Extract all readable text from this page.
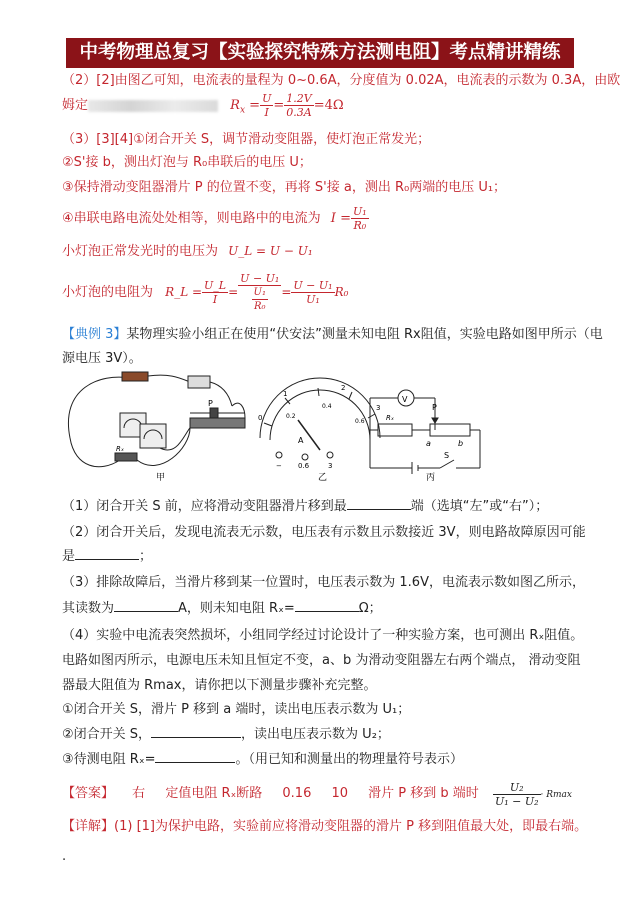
中考物理总复习【实验探究特殊方法测电阻】考点精讲精练
（2）[2]由图乙可知，电流表的量程为 0~0.6A，分度值为 0.02A，电流表的示数为 0.3A，由欧
姆定	$R_x = \frac{U}{I} = \frac{1.2V}{0.3A} =4\Omega$
（3）[3][4]①闭合开关 S，调节滑动变阻器，使灯泡正常发光；
②S'接 b，测出灯泡与 R₀串联后的电压 U；
③保持滑动变阻器滑片 P 的位置不变，再将 S'接 a，测出 R₀两端的电压 U₁；
④串联电路电流处处相等，则电路中的电流为 $I = \frac{\text{U₁}}{\text{R₀}}$
小灯泡正常发光时的电压为 U_L = U − U₁
小灯泡的电阻为 R_L = $\frac{U\_L}{I} = \frac{\text{U − U₁}}{\frac{\text{U₁}}{\text{R₀}}} = \frac{\text{U − U₁}}{\text{U₁}} R_0$
【典例 3】某物理实验小组正在使用“伏安法”测量未知电阻 Rx阻值，实验电路如图甲所示（电
源电压 3V）。
Rₓ
P
甲
0
1
2
3
0.2
0.4
0.6
A
− 0.6	3
乙
V
Rₓ
P
a	b
S
丙
（1）闭合开关 S 前，应将滑动变阻器滑片移到最	端（选填“左”或“右”）；
（2）闭合开关后，发现电流表无示数，电压表有示数且示数接近 3V，则电路故障原因可能
是	；
（3）排除故障后，当滑片移到某一位置时，电压表示数为 1.6V，电流表示数如图乙所示，
其读数为	A，则未知电阻 Rₓ=	Ω；
（4）实验中电流表突然损坏，小组同学经过讨论设计了一种实验方案，也可测出 Rₓ阻值。
电路如图丙所示，电源电压未知且恒定不变，a、b 为滑动变阻器左右两个端点， 滑动变阻
器最大阻值为 Rmax，请你把以下测量步骤补充完整。
①闭合开关 S，滑片 P 移到 a 端时，读出电压表示数为 U₁；
②闭合开关 S，	，读出电压表示数为 U₂；
③待测电阻 Rₓ=	。（用已知和测量出的物理量符号表示）
【答案】 右 定值电阻 Rₓ断路 0.16 10 滑片 P 移到 b 端时 $\frac{\text{U₂}}{\text{U₁ − U₂}} \cdot Rmax$
【详解】(1) [1]为保护电路，实验前应将滑动变阻器的滑片 P 移到阻值最大处，即最右端。
.
